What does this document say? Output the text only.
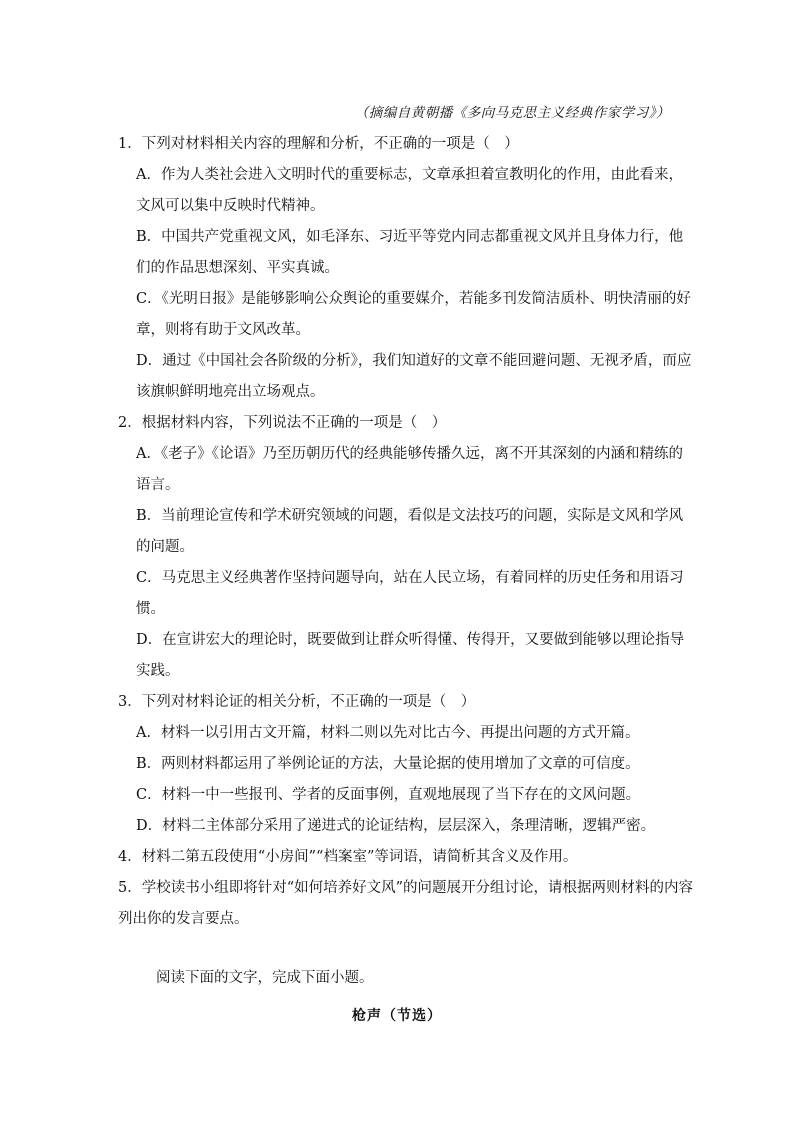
（摘编自黄朝播《多向马克思主义经典作家学习》）
1．下列对材料相关内容的理解和分析，不正确的一项是（　）
A．作为人类社会进入文明时代的重要标志，文章承担着宣教明化的作用，由此看来，
文风可以集中反映时代精神。
B．中国共产党重视文风，如毛泽东、习近平等党内同志都重视文风并且身体力行，他
们的作品思想深刻、平实真诚。
C．《光明日报》是能够影响公众舆论的重要媒介，若能多刊发简洁质朴、明快清丽的好
章，则将有助于文风改革。
D．通过《中国社会各阶级的分析》，我们知道好的文章不能回避问题、无视矛盾，而应
该旗帜鲜明地亮出立场观点。
2．根据材料内容，下列说法不正确的一项是（　）
A．《老子》《论语》乃至历朝历代的经典能够传播久远，离不开其深刻的内涵和精练的
语言。
B．当前理论宣传和学术研究领域的问题，看似是文法技巧的问题，实际是文风和学风
的问题。
C．马克思主义经典著作坚持问题导向，站在人民立场，有着同样的历史任务和用语习
惯。
D．在宣讲宏大的理论时，既要做到让群众听得懂、传得开，又要做到能够以理论指导
实践。
3．下列对材料论证的相关分析，不正确的一项是（　）
A．材料一以引用古文开篇，材料二则以先对比古今、再提出问题的方式开篇。
B．两则材料都运用了举例论证的方法，大量论据的使用增加了文章的可信度。
C．材料一中一些报刊、学者的反面事例，直观地展现了当下存在的文风问题。
D．材料二主体部分采用了递进式的论证结构，层层深入，条理清晰，逻辑严密。
4．材料二第五段使用“小房间”“档案室”等词语，请简析其含义及作用。
5．学校读书小组即将针对“如何培养好文风”的问题展开分组讨论，请根据两则材料的内容
列出你的发言要点。
阅读下面的文字，完成下面小题。
枪声（节选）
